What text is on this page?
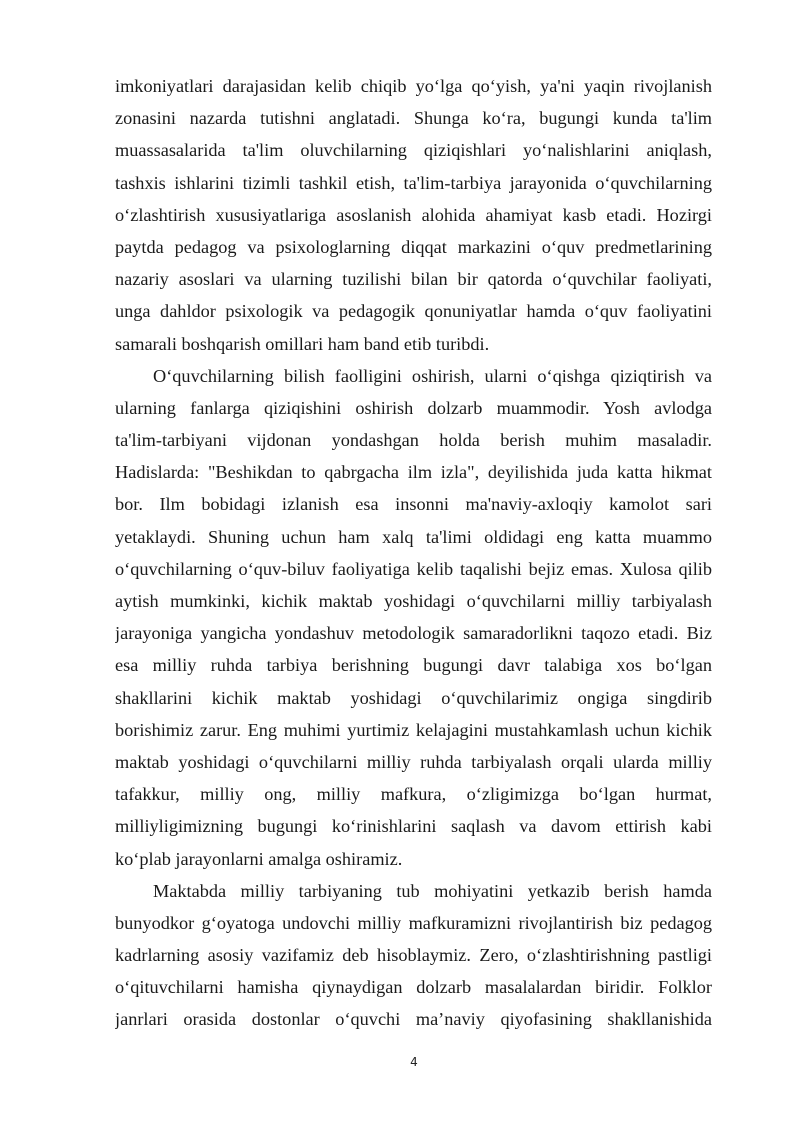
imkoniyatlari darajasidan kelib chiqib yo‘lga qo‘yish, ya'ni yaqin rivojlanish
zonasini nazarda tutishni anglatadi. Shunga ko‘ra, bugungi kunda ta'lim
muassasalarida ta'lim oluvchilarning qiziqishlari yo‘nalishlarini aniqlash,
tashxis ishlarini tizimli tashkil etish, ta'lim-tarbiya jarayonida o‘quvchilarning
o‘zlashtirish xususiyatlariga asoslanish alohida ahamiyat kasb etadi. Hozirgi
paytda pedagog va psixologlarning diqqat markazini o‘quv predmetlarining
nazariy asoslari va ularning tuzilishi bilan bir qatorda o‘quvchilar faoliyati,
unga dahldor psixologik va pedagogik qonuniyatlar hamda o‘quv faoliyatini
samarali boshqarish omillari ham band etib turibdi.
O‘quvchilarning bilish faolligini oshirish, ularni o‘qishga qiziqtirish va
ularning fanlarga qiziqishini oshirish dolzarb muammodir. Yosh avlodga
ta'lim-tarbiyani vijdonan yondashgan holda berish muhim masaladir.
Hadislarda: "Beshikdan to qabrgacha ilm izla", deyilishida juda katta hikmat
bor. Ilm bobidagi izlanish esa insonni ma'naviy-axloqiy kamolot sari
yetaklaydi. Shuning uchun ham xalq ta'limi oldidagi eng katta muammo
o‘quvchilarning o‘quv-biluv faoliyatiga kelib taqalishi bejiz emas. Xulosa qilib
aytish mumkinki, kichik maktab yoshidagi o‘quvchilarni milliy tarbiyalash
jarayoniga yangicha yondashuv metodologik samaradorlikni taqozo etadi. Biz
esa milliy ruhda tarbiya berishning bugungi davr talabiga xos bo‘lgan
shakllarini kichik maktab yoshidagi o‘quvchilarimiz ongiga singdirib
borishimiz zarur. Eng muhimi yurtimiz kelajagini mustahkamlash uchun kichik
maktab yoshidagi o‘quvchilarni milliy ruhda tarbiyalash orqali ularda milliy
tafakkur, milliy ong, milliy mafkura, o‘zligimizga bo‘lgan hurmat,
milliyligimizning bugungi ko‘rinishlarini saqlash va davom ettirish kabi
ko‘plab jarayonlarni amalga oshiramiz.
Maktabda milliy tarbiyaning tub mohiyatini yetkazib berish hamda
bunyodkor g‘oyatoga undovchi milliy mafkuramizni rivojlantirish biz pedagog
kadrlarning asosiy vazifamiz deb hisoblaymiz. Zero, o‘zlashtirishning pastligi
o‘qituvchilarni hamisha qiynaydigan dolzarb masalalardan biridir. Folklor
janrlari orasida dostonlar o‘quvchi ma’naviy qiyofasining shakllanishida
4
